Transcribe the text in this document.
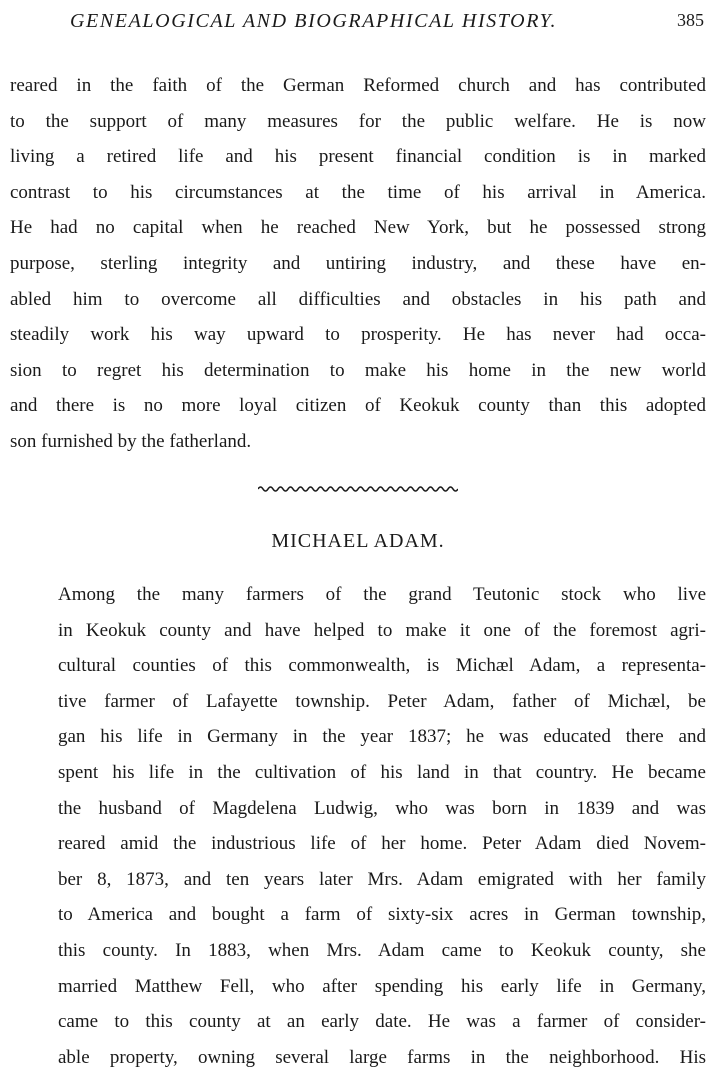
GENEALOGICAL AND BIOGRAPHICAL HISTORY.	385
reared in the faith of the German Reformed church and has contributed
to the support of many measures for the public welfare. He is now
living a retired life and his present financial condition is in marked
contrast to his circumstances at the time of his arrival in America.
He had no capital when he reached New York, but he possessed strong
purpose, sterling integrity and untiring industry, and these have en-
abled him to overcome all difficulties and obstacles in his path and
steadily work his way upward to prosperity. He has never had occa-
sion to regret his determination to make his home in the new world
and there is no more loyal citizen of Keokuk county than this adopted
son furnished by the fatherland.
MICHAEL ADAM.
Among the many farmers of the grand Teutonic stock who live
in Keokuk county and have helped to make it one of the foremost agri-
cultural counties of this commonwealth, is Michæl Adam, a representa-
tive farmer of Lafayette township. Peter Adam, father of Michæl, be
gan his life in Germany in the year 1837; he was educated there and
spent his life in the cultivation of his land in that country. He became
the husband of Magdelena Ludwig, who was born in 1839 and was
reared amid the industrious life of her home. Peter Adam died Novem-
ber 8, 1873, and ten years later Mrs. Adam emigrated with her family
to America and bought a farm of sixty-six acres in German township,
this county. In 1883, when Mrs. Adam came to Keokuk county, she
married Matthew Fell, who after spending his early life in Germany,
came to this county at an early date. He was a farmer of consider-
able property, owning several large farms in the neighborhood. His
